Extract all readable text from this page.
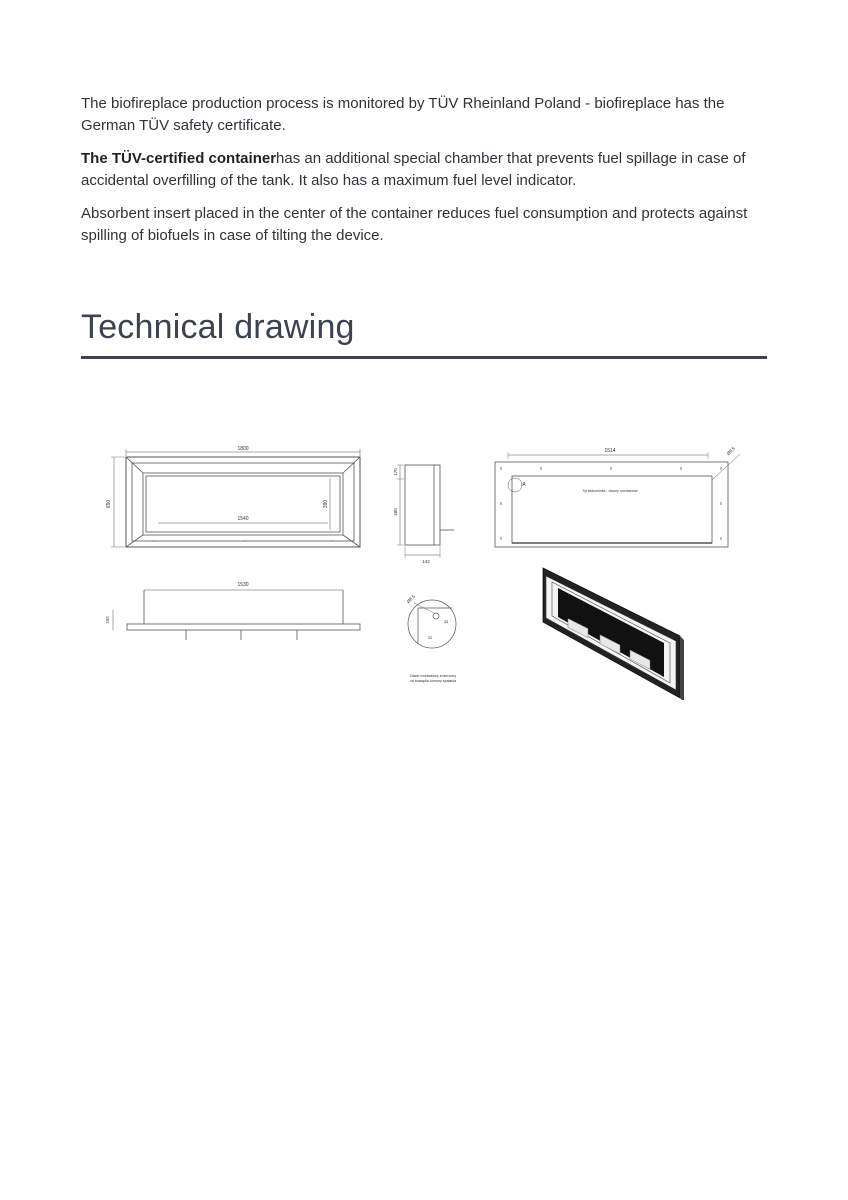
The biofireplace production process is monitored by TÜV Rheinland Poland - biofireplace has the German TÜV safety certificate.

The TÜV-certified containerhas an additional special chamber that prevents fuel spillage in case of accidental overfilling of the tank. It also has a maximum fuel level indicator.

Absorbent insert placed in the center of the container reduces fuel consumption and protects against spilling of biofuels in case of tilting the device.

Technical drawing
1800
650
1540
390
170
480
142
1514	Ø8,5
Tył biokominka - otwory montażowe
A
1530
102
Ø8,5
33
32
Otwór montażowy zmierzony
od krawędzi komory spalania
